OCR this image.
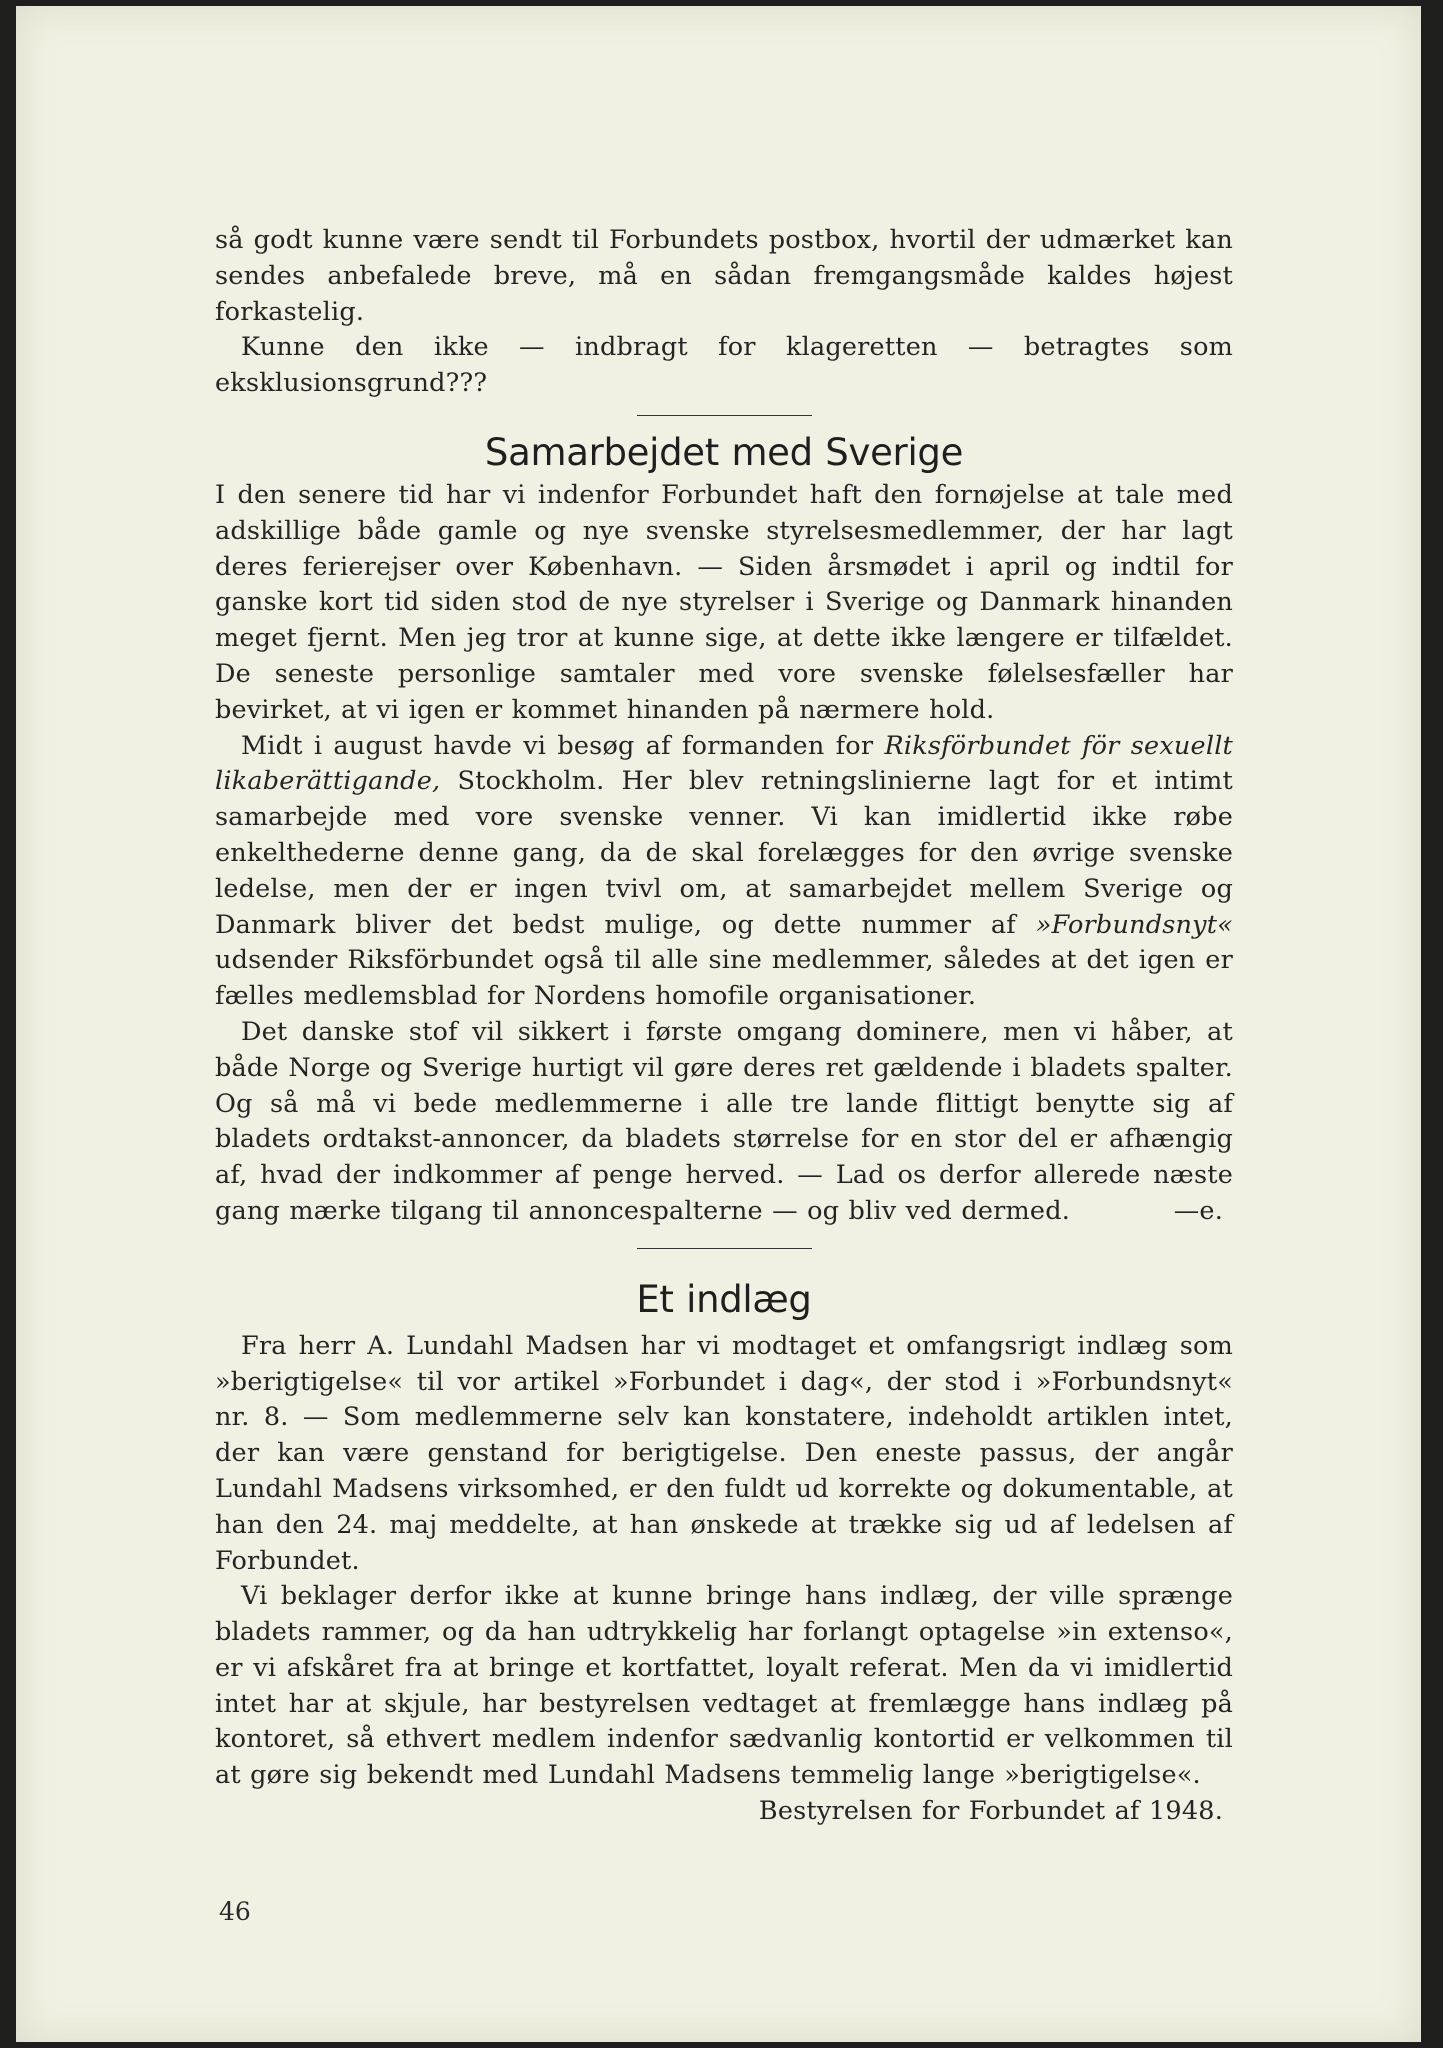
så godt kunne være sendt til Forbundets postbox, hvortil der udmærket kan sendes anbefalede breve, må en sådan fremgangsmåde kaldes højest forkastelig.

Kunne den ikke — indbragt for klageretten — betragtes som eksklusionsgrund???

Samarbejdet med Sverige

I den senere tid har vi indenfor Forbundet haft den fornøjelse at tale med adskillige både gamle og nye svenske styrelsesmedlemmer, der har lagt deres ferierejser over København. — Siden årsmødet i april og indtil for ganske kort tid siden stod de nye styrelser i Sverige og Danmark hinanden meget fjernt. Men jeg tror at kunne sige, at dette ikke længere er tilfældet. De seneste personlige samtaler med vore svenske følelsesfæller har bevirket, at vi igen er kommet hinanden på nærmere hold.

Midt i august havde vi besøg af formanden for Riksförbundet för sexuellt likaberättigande, Stockholm. Her blev retningslinierne lagt for et intimt samarbejde med vore svenske venner. Vi kan imidlertid ikke røbe enkelthederne denne gang, da de skal forelægges for den øvrige svenske ledelse, men der er ingen tvivl om, at samarbejdet mellem Sverige og Danmark bliver det bedst mulige, og dette nummer af »Forbundsnyt« udsender Riksförbundet også til alle sine medlemmer, således at det igen er fælles medlemsblad for Nordens homofile organisationer.

Det danske stof vil sikkert i første omgang dominere, men vi håber, at både Norge og Sverige hurtigt vil gøre deres ret gældende i bladets spalter. Og så må vi bede medlemmerne i alle tre lande flittigt benytte sig af bladets ordtakst-annoncer, da bladets størrelse for en stor del er afhængig af, hvad der indkommer af penge herved. — Lad os derfor allerede næste gang mærke tilgang til annoncespalterne — og bliv ved dermed.	—e.

Et indlæg

Fra herr A. Lundahl Madsen har vi modtaget et omfangsrigt indlæg som »berigtigelse« til vor artikel »Forbundet i dag«, der stod i »Forbundsnyt« nr. 8. — Som medlemmerne selv kan konstatere, indeholdt artiklen intet, der kan være genstand for berigtigelse. Den eneste passus, der angår Lundahl Madsens virksomhed, er den fuldt ud korrekte og dokumentable, at han den 24. maj meddelte, at han ønskede at trække sig ud af ledelsen af Forbundet.

Vi beklager derfor ikke at kunne bringe hans indlæg, der ville sprænge bladets rammer, og da han udtrykkelig har forlangt optagelse »in extenso«, er vi afskåret fra at bringe et kortfattet, loyalt referat. Men da vi imidlertid intet har at skjule, har bestyrelsen vedtaget at fremlægge hans indlæg på kontoret, så ethvert medlem indenfor sædvanlig kontortid er velkommen til at gøre sig bekendt med Lundahl Madsens temmelig lange »berigtigelse«.

Bestyrelsen for Forbundet af 1948.

46
